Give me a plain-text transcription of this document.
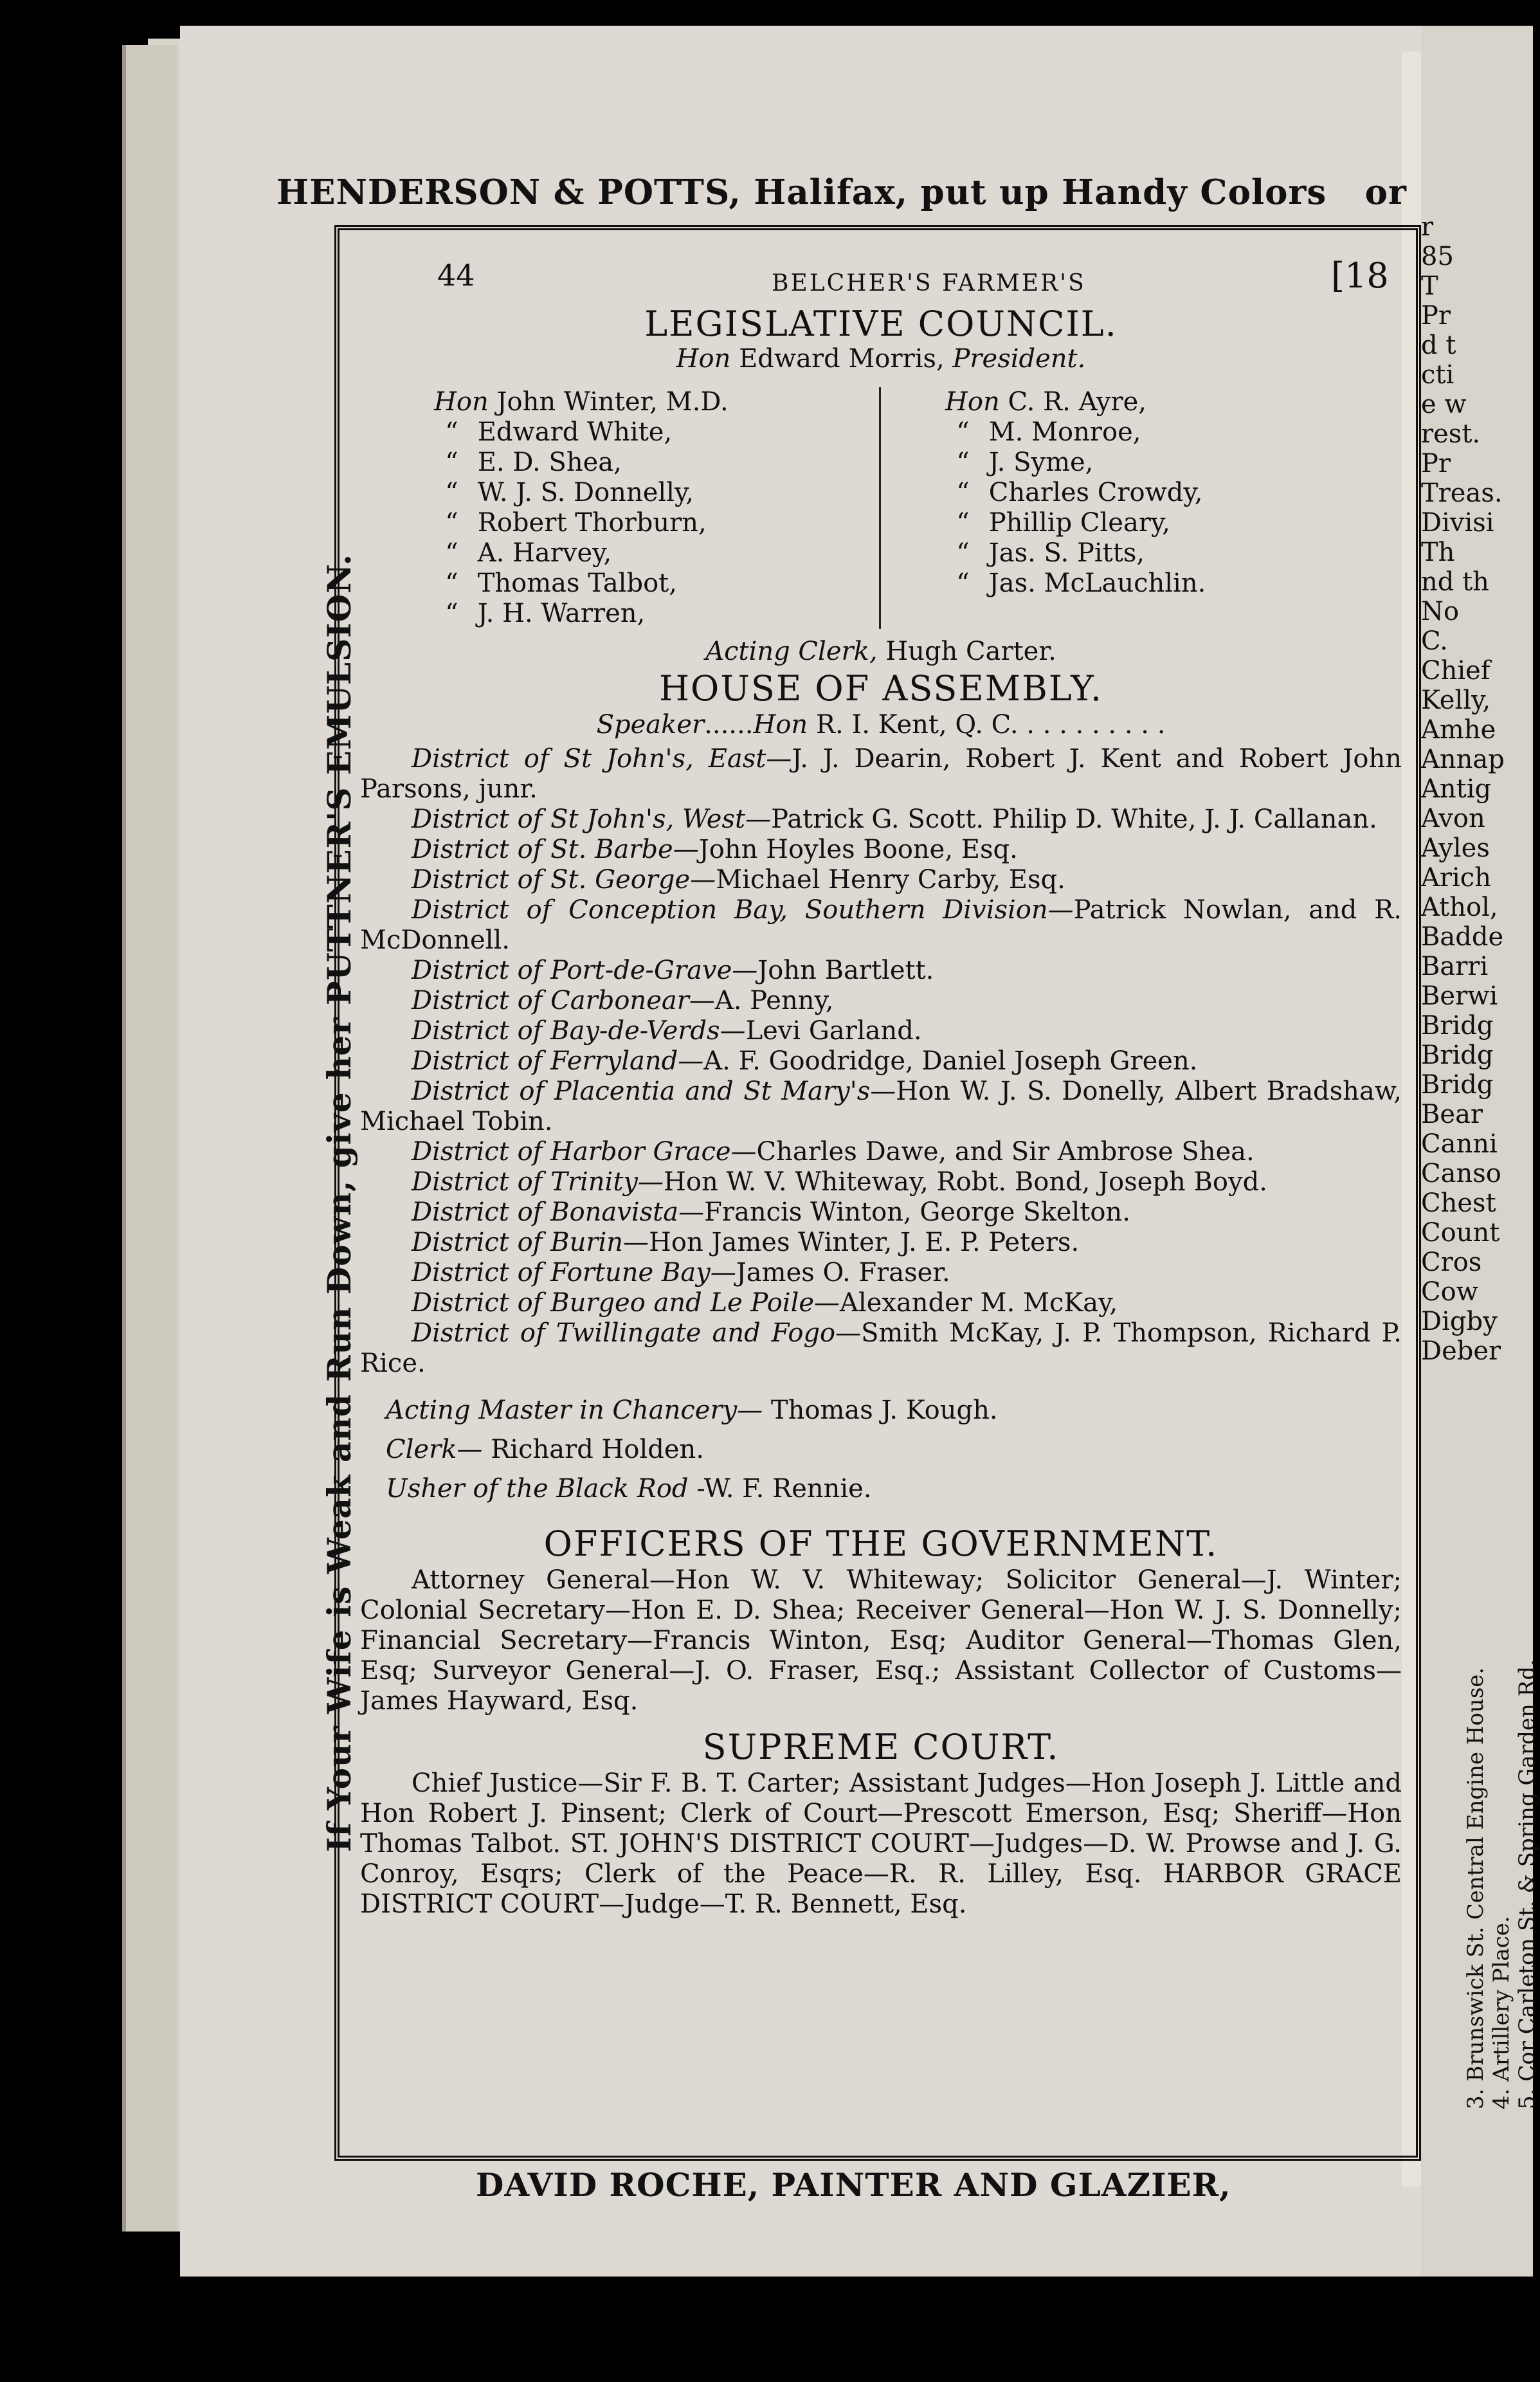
r
85
T
Pr
d t
cti
e w
rest.
Pr
Treas.
Divisi
Th
nd th
No
C.
Chief
Kelly,
Amhe
Annap
Antig
Avon
Ayles
Arich
Athol,
Badde
Barri
Berwi
Bridg
Bridg
Bridg
Bear
Canni
Canso
Chest
Count
Cros
Cow
Digby
Deber
3. Brunswick St. Central Engine House. 4. Artillery Place. 5. Cor Carleton St. & Spring Garden Rd.
HENDERSON & POTTS, Halifax, put up Handy Colors or
If Your Wife is Weak and Run Down, give her PUTTNER'S EMULSION.
44	BELCHER'S FARMER'S	[18
LEGISLATIVE COUNCIL.

Hon Edward Morris, President.

Hon John Winter, M.D.
“ Edward White,
“ E. D. Shea,
“ W. J. S. Donnelly,
“ Robert Thorburn,
“ A. Harvey,
“ Thomas Talbot,
“ J. H. Warren,
Hon C. R. Ayre,
“ M. Monroe,
“ J. Syme,
“ Charles Crowdy,
“ Phillip Cleary,
“ Jas. S. Pitts,
“ Jas. McLauchlin.

Acting Clerk, Hugh Carter.

HOUSE OF ASSEMBLY.

Speaker......Hon R. I. Kent, Q. C. . . . . . . . . .

District of St John's, East—J. J. Dearin, Robert J. Kent and Robert John Parsons, junr.

District of St John's, West—Patrick G. Scott. Philip D. White, J. J. Callanan.

District of St. Barbe—John Hoyles Boone, Esq.

District of St. George—Michael Henry Carby, Esq.

District of Conception Bay, Southern Division—Patrick Nowlan, and R. McDonnell.

District of Port-de-Grave—John Bartlett.

District of Carbonear—A. Penny,

District of Bay-de-Verds—Levi Garland.

District of Ferryland—A. F. Goodridge, Daniel Joseph Green.

District of Placentia and St Mary's—Hon W. J. S. Donelly, Albert Bradshaw, Michael Tobin.

District of Harbor Grace—Charles Dawe, and Sir Ambrose Shea.

District of Trinity—Hon W. V. Whiteway, Robt. Bond, Joseph Boyd.

District of Bonavista—Francis Winton, George Skelton.

District of Burin—Hon James Winter, J. E. P. Peters.

District of Fortune Bay—James O. Fraser.

District of Burgeo and Le Poile—Alexander M. McKay,

District of Twillingate and Fogo—Smith McKay, J. P. Thompson, Richard P. Rice.

Acting Master in Chancery— Thomas J. Kough.

Clerk— Richard Holden.

Usher of the Black Rod -W. F. Rennie.

OFFICERS OF THE GOVERNMENT.

Attorney General—Hon W. V. Whiteway; Solicitor General—J. Winter; Colonial Secretary—Hon E. D. Shea; Receiver General—Hon W. J. S. Donnelly; Financial Secretary—Francis Winton, Esq; Auditor General—Thomas Glen, Esq; Surveyor General—J. O. Fraser, Esq.; Assistant Collector of Customs—James Hayward, Esq.

SUPREME COURT.

Chief Justice—Sir F. B. T. Carter; Assistant Judges—Hon Joseph J. Little and Hon Robert J. Pinsent; Clerk of Court—Prescott Emerson, Esq; Sheriff—Hon Thomas Talbot. ST. JOHN'S DISTRICT COURT—Judges—D. W. Prowse and J. G. Conroy, Esqrs; Clerk of the Peace—R. R. Lilley, Esq. HARBOR GRACE DISTRICT COURT—Judge—T. R. Bennett, Esq.

DAVID ROCHE, PAINTER AND GLAZIER,
